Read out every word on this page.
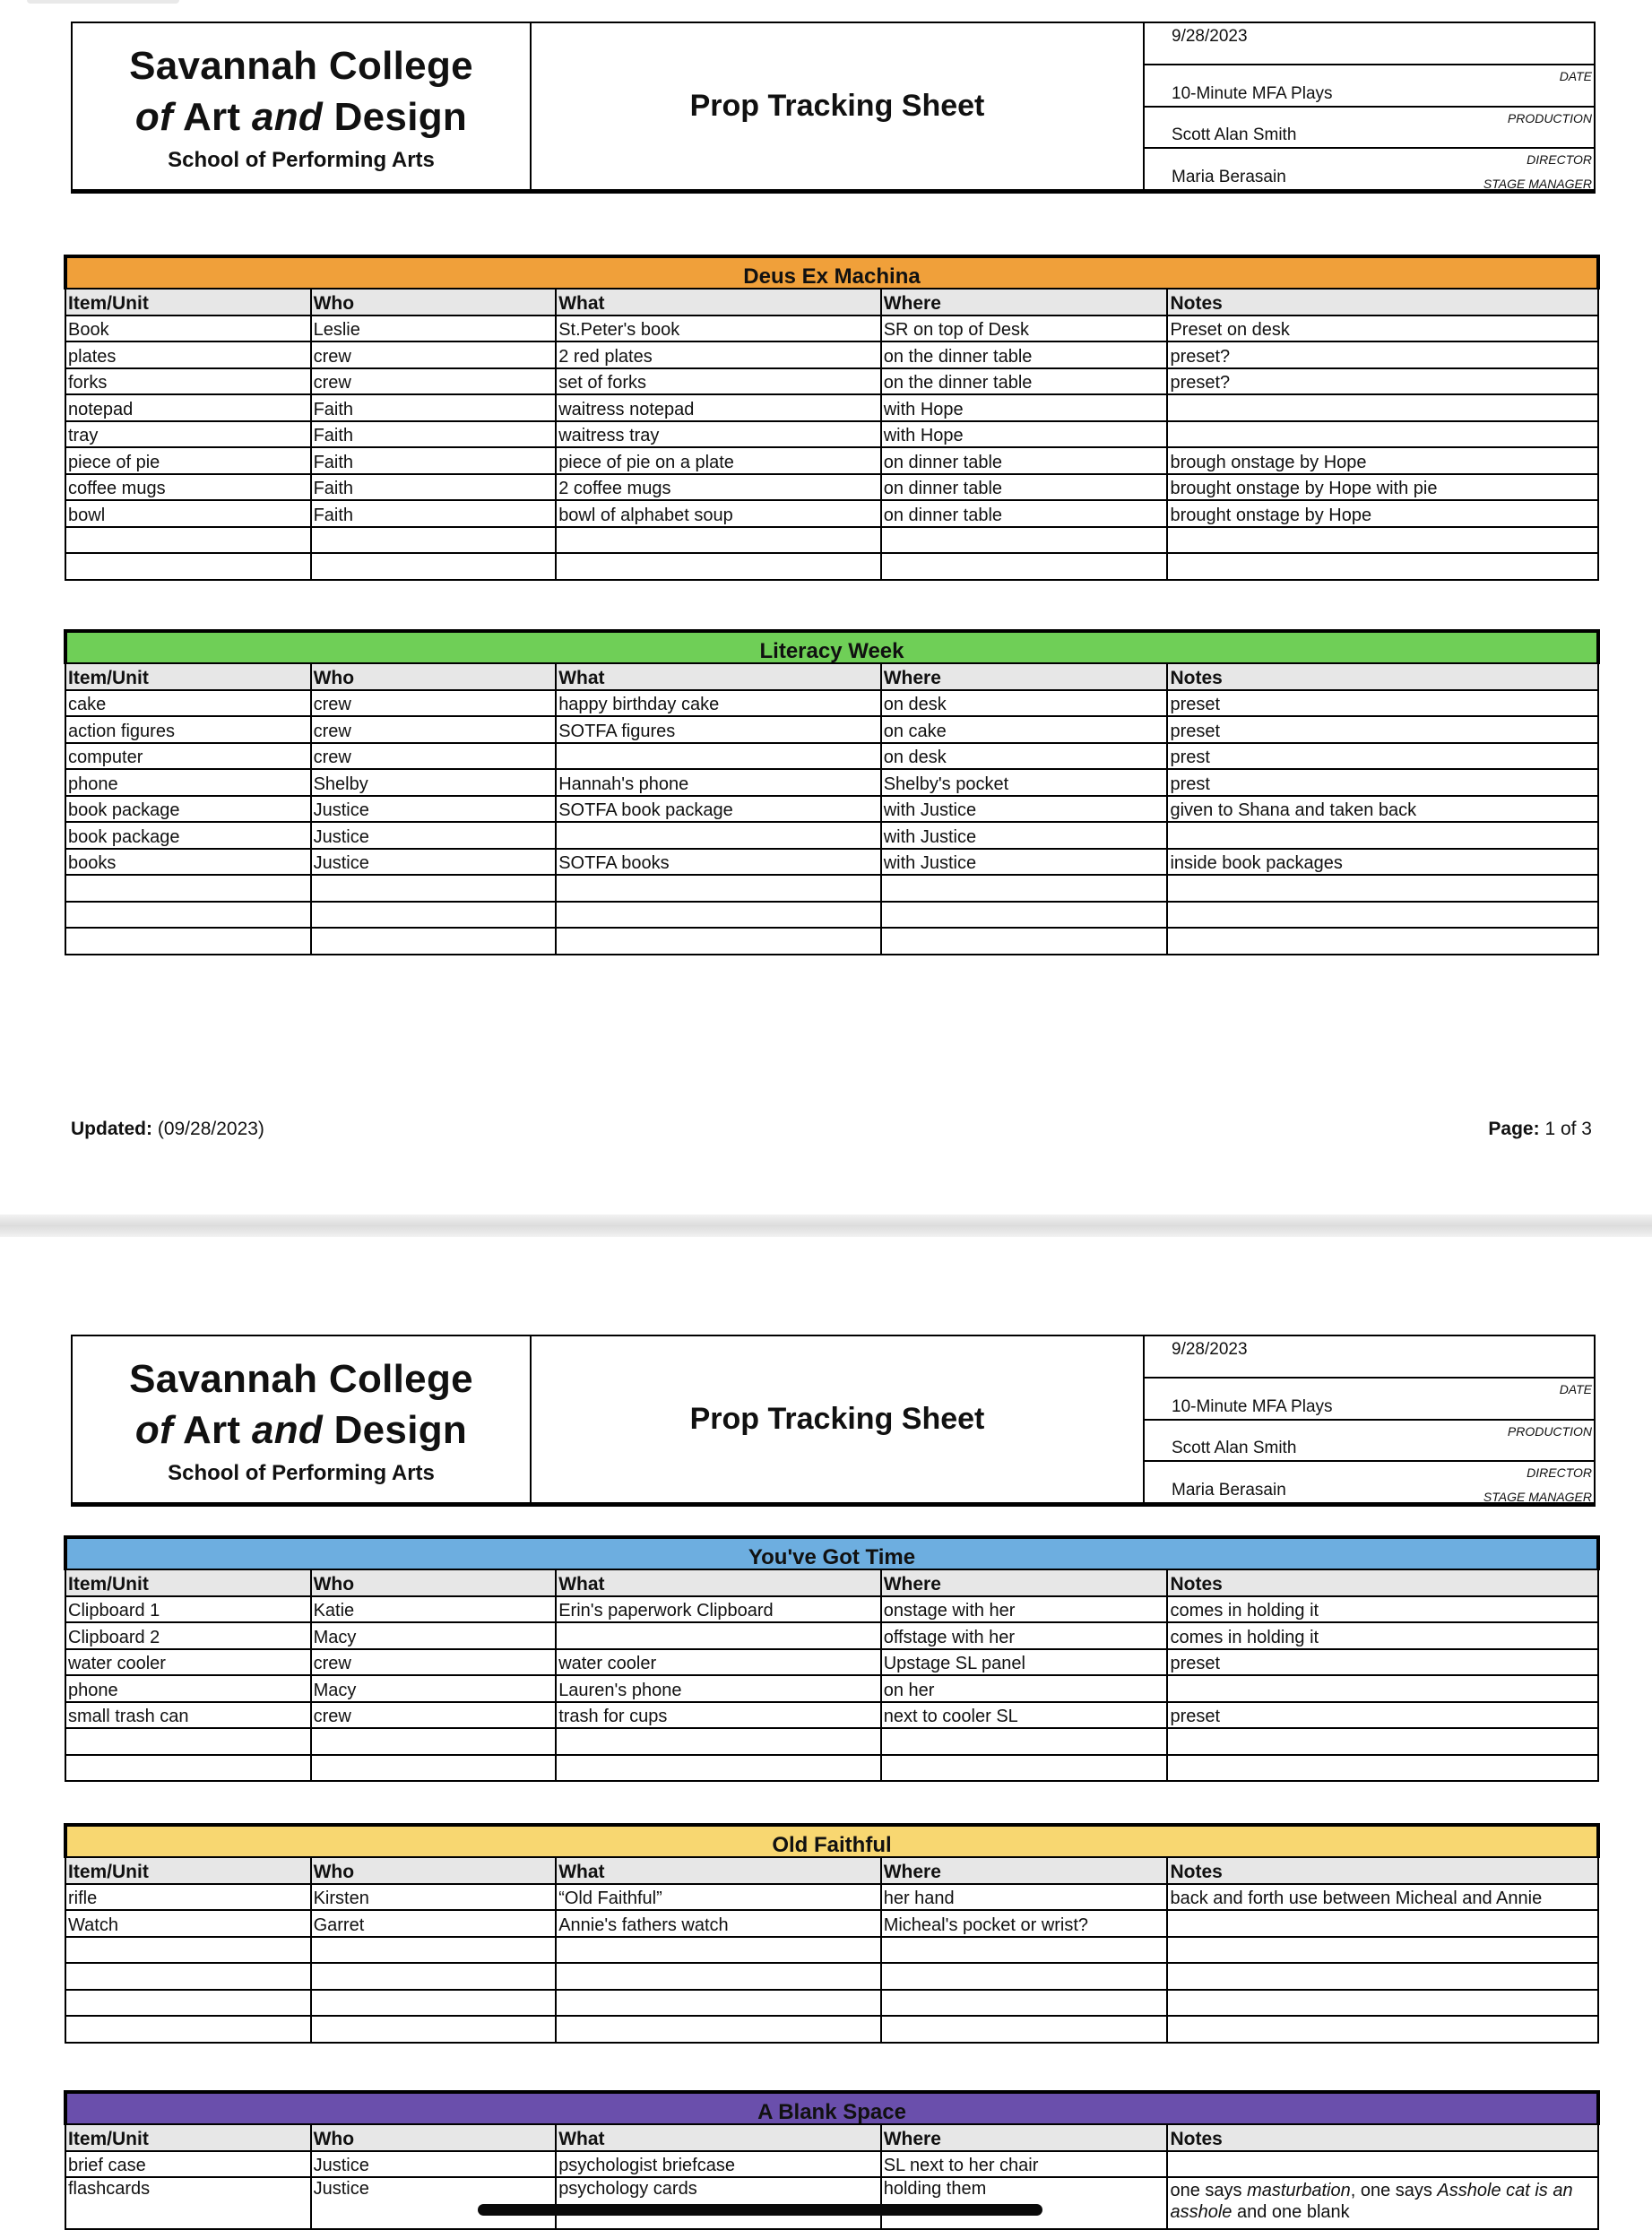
Savannah College
of Art and Design
School of Performing Arts
Prop Tracking Sheet
9/28/2023
DATE
10-Minute MFA Plays
PRODUCTION
Scott Alan Smith
DIRECTOR
Maria Berasain	STAGE MANAGER
Deus Ex Machina				
Item/Unit	Who	What	Where	Notes
Book	Leslie	St.Peter's book	SR on top of Desk	Preset on desk
plates	crew	2 red plates	on the dinner table	preset?
forks	crew	set of forks	on the dinner table	preset?
notepad	Faith	waitress notepad	with Hope	
tray	Faith	waitress tray	with Hope	
piece of pie	Faith	piece of pie on a plate	on dinner table	brough onstage by Hope
coffee mugs	Faith	2 coffee mugs	on dinner table	brought onstage by Hope with pie
bowl	Faith	bowl of alphabet soup	on dinner table	brought onstage by Hope

Literacy Week				
Item/Unit	Who	What	Where	Notes
cake	crew	happy birthday cake	on desk	preset
action figures	crew	SOTFA figures	on cake	preset
computer	crew		on desk	prest
phone	Shelby	Hannah's phone	Shelby's pocket	prest
book package	Justice	SOTFA book package	with Justice	given to Shana and taken back
book package	Justice		with Justice	
books	Justice	SOTFA books	with Justice	inside book packages

Updated: (09/28/2023)	Page: 1 of 3
Savannah College
of Art and Design
School of Performing Arts
Prop Tracking Sheet
9/28/2023
DATE
10-Minute MFA Plays
PRODUCTION
Scott Alan Smith
DIRECTOR
Maria Berasain	STAGE MANAGER
You've Got Time				
Item/Unit	Who	What	Where	Notes
Clipboard 1	Katie	Erin's paperwork Clipboard	onstage with her	comes in holding it
Clipboard 2	Macy		offstage with her	comes in holding it
water cooler	crew	water cooler	Upstage SL panel	preset
phone	Macy	Lauren's phone	on her	
small trash can	crew	trash for cups	next to cooler SL	preset

Old Faithful				
Item/Unit	Who	What	Where	Notes
rifle	Kirsten	“Old Faithful”	her hand	back and forth use between Micheal and Annie
Watch	Garret	Annie's fathers watch	Micheal's pocket or wrist?	

A Blank Space				
Item/Unit	Who	What	Where	Notes
brief case	Justice	psychologist briefcase	SL next to her chair	
flashcards	Justice	psychology cards	holding them	one says masturbation, one says Asshole cat is an asshole and one blank
